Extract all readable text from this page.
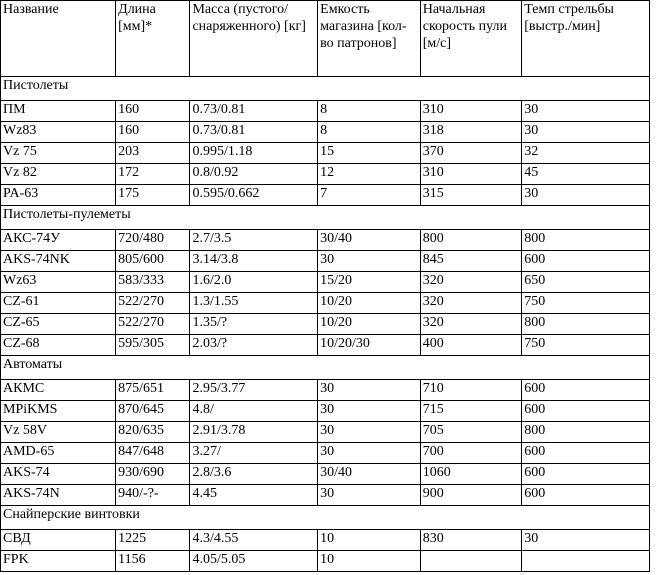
Название	Длина [мм]*	Масса (пустого/снаряженного) [кг]	Емкость магазина [кол-во патронов]	Начальная скорость пули [м/с]	Темп стрельбы [выстр./мин]
Пистолеты					
ПМ	160	0.73/0.81	8	310	30
Wz83	160	0.73/0.81	8	318	30
Vz 75	203	0.995/1.18	15	370	32
Vz 82	172	0.8/0.92	12	310	45
PA-63	175	0.595/0.662	7	315	30
Пистолеты-пулеметы					
АКС-74У	720/480	2.7/3.5	30/40	800	800
AKS-74NK	805/600	3.14/3.8	30	845	600
Wz63	583/333	1.6/2.0	15/20	320	650
CZ-61	522/270	1.3/1.55	10/20	320	750
CZ-65	522/270	1.35/?	10/20	320	800
CZ-68	595/305	2.03/?	10/20/30	400	750
Автоматы					
АКМС	875/651	2.95/3.77	30	710	600
MPiKMS	870/645	4.8/	30	715	600
Vz 58V	820/635	2.91/3.78	30	705	800
AMD-65	847/648	3.27/	30	700	600
AKS-74	930/690	2.8/3.6	30/40	1060	600
AKS-74N	940/-?-	4.45	30	900	600
Снайперские винтовки					
СВД	1225	4.3/4.55	10	830	30
FPK	1156	4.05/5.05	10		
